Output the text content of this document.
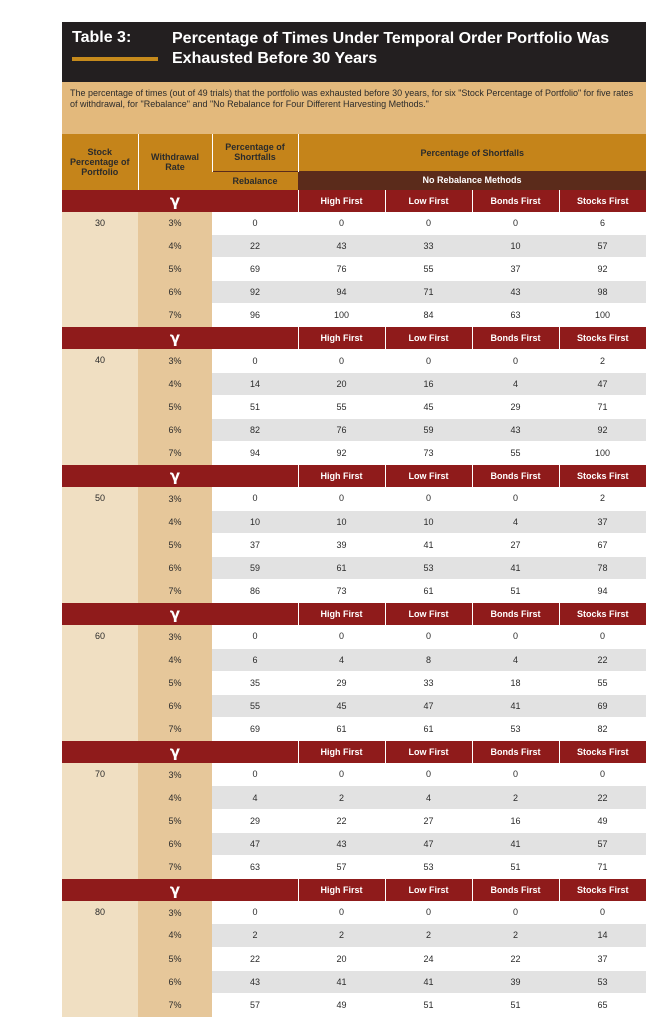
Table 3:	Percentage of Times Under Temporal Order Portfolio Was Exhausted Before 30 Years
The percentage of times (out of 49 trials) that the portfolio was exhausted before 30 years, for six "Stock Percentage of Portfolio" for five rates of withdrawal, for "Rebalance" and "No Rebalance for Four Different Harvesting Methods."
Stock Percentage of Portfolio	Withdrawal Rate	Percentage of Shortfalls	Percentage of Shortfalls			
		Rebalance	No Rebalance Methods			
	γ		High First	Low First	Bonds First	Stocks First
30	3%	0	0	0	0	6
	4%	22	43	33	10	57
	5%	69	76	55	37	92
	6%	92	94	71	43	98
	7%	96	100	84	63	100
	γ		High First	Low First	Bonds First	Stocks First
40	3%	0	0	0	0	2
	4%	14	20	16	4	47
	5%	51	55	45	29	71
	6%	82	76	59	43	92
	7%	94	92	73	55	100
	γ		High First	Low First	Bonds First	Stocks First
50	3%	0	0	0	0	2
	4%	10	10	10	4	37
	5%	37	39	41	27	67
	6%	59	61	53	41	78
	7%	86	73	61	51	94
	γ		High First	Low First	Bonds First	Stocks First
60	3%	0	0	0	0	0
	4%	6	4	8	4	22
	5%	35	29	33	18	55
	6%	55	45	47	41	69
	7%	69	61	61	53	82
	γ		High First	Low First	Bonds First	Stocks First
70	3%	0	0	0	0	0
	4%	4	2	4	2	22
	5%	29	22	27	16	49
	6%	47	43	47	41	57
	7%	63	57	53	51	71
	γ		High First	Low First	Bonds First	Stocks First
80	3%	0	0	0	0	0
	4%	2	2	2	2	14
	5%	22	20	24	22	37
	6%	43	41	41	39	53
	7%	57	49	51	51	65
